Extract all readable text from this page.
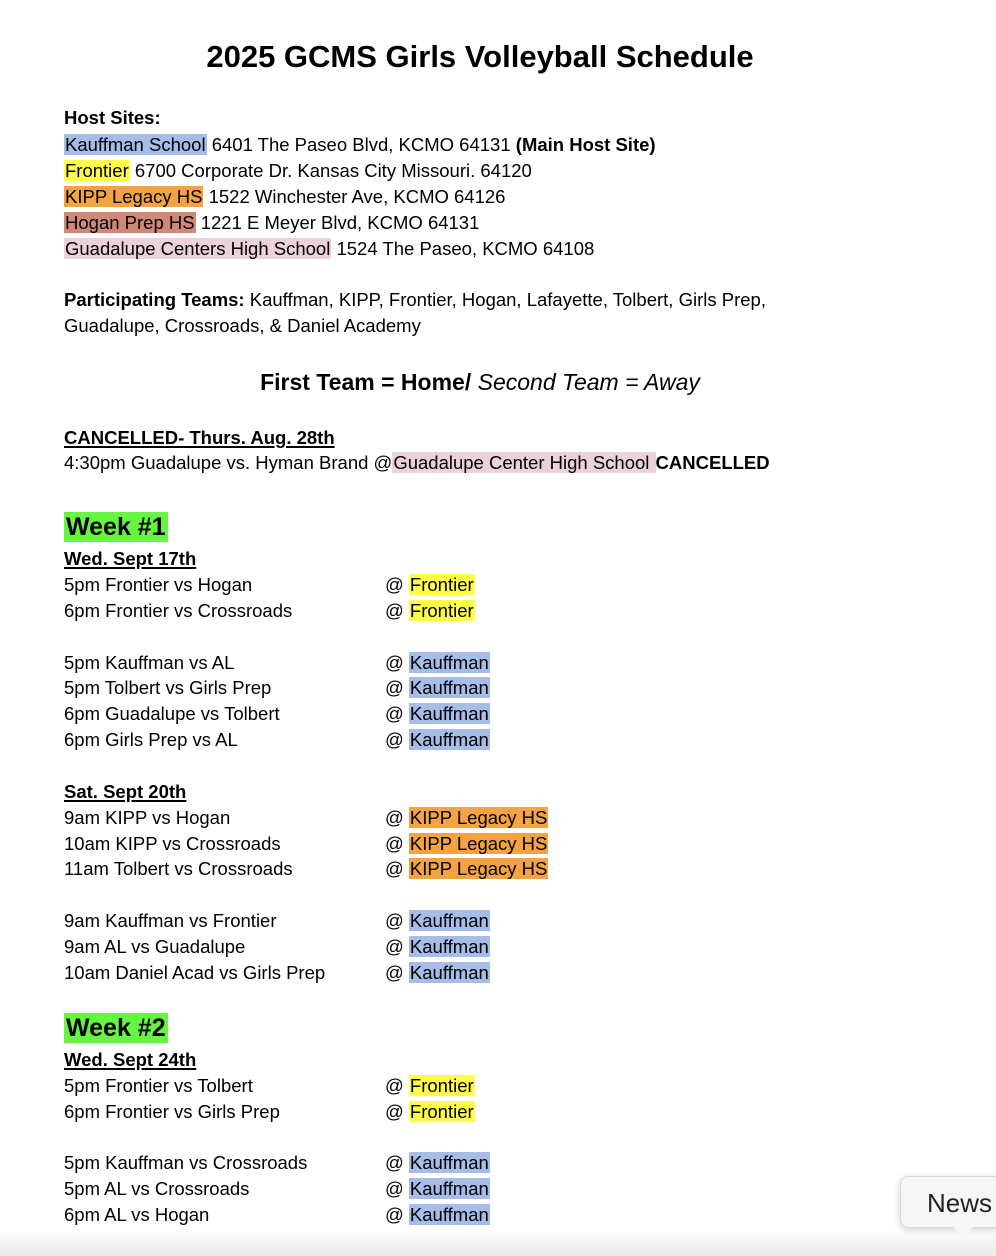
2025 GCMS Girls Volleyball Schedule
Host Sites:
Kauffman School 6401 The Paseo Blvd, KCMO 64131 (Main Host Site)
Frontier 6700 Corporate Dr. Kansas City Missouri. 64120
KIPP Legacy HS 1522 Winchester Ave, KCMO 64126
Hogan Prep HS 1221 E Meyer Blvd, KCMO 64131
Guadalupe Centers High School 1524 The Paseo, KCMO 64108
Participating Teams: Kauffman, KIPP, Frontier, Hogan, Lafayette, Tolbert, Girls Prep,
Guadalupe, Crossroads, & Daniel Academy
First Team = Home/ Second Team = Away
CANCELLED- Thurs. Aug. 28th
4:30pm Guadalupe vs. Hyman Brand @Guadalupe Center High School CANCELLED
Week #1
Wed. Sept 17th
5pm Frontier vs Hogan	@ Frontier
6pm Frontier vs Crossroads	@ Frontier
5pm Kauffman vs AL	@ Kauffman
5pm Tolbert vs Girls Prep	@ Kauffman
6pm Guadalupe vs Tolbert	@ Kauffman
6pm Girls Prep vs AL	@ Kauffman
Sat. Sept 20th
9am KIPP vs Hogan	@ KIPP Legacy HS
10am KIPP vs Crossroads	@ KIPP Legacy HS
11am Tolbert vs Crossroads	@ KIPP Legacy HS
9am Kauffman vs Frontier	@ Kauffman
9am AL vs Guadalupe	@ Kauffman
10am Daniel Acad vs Girls Prep	@ Kauffman
Week #2
Wed. Sept 24th
5pm Frontier vs Tolbert	@ Frontier
6pm Frontier vs Girls Prep	@ Frontier
5pm Kauffman vs Crossroads	@ Kauffman
5pm AL vs Crossroads	@ Kauffman
6pm AL vs Hogan	@ Kauffman	News
